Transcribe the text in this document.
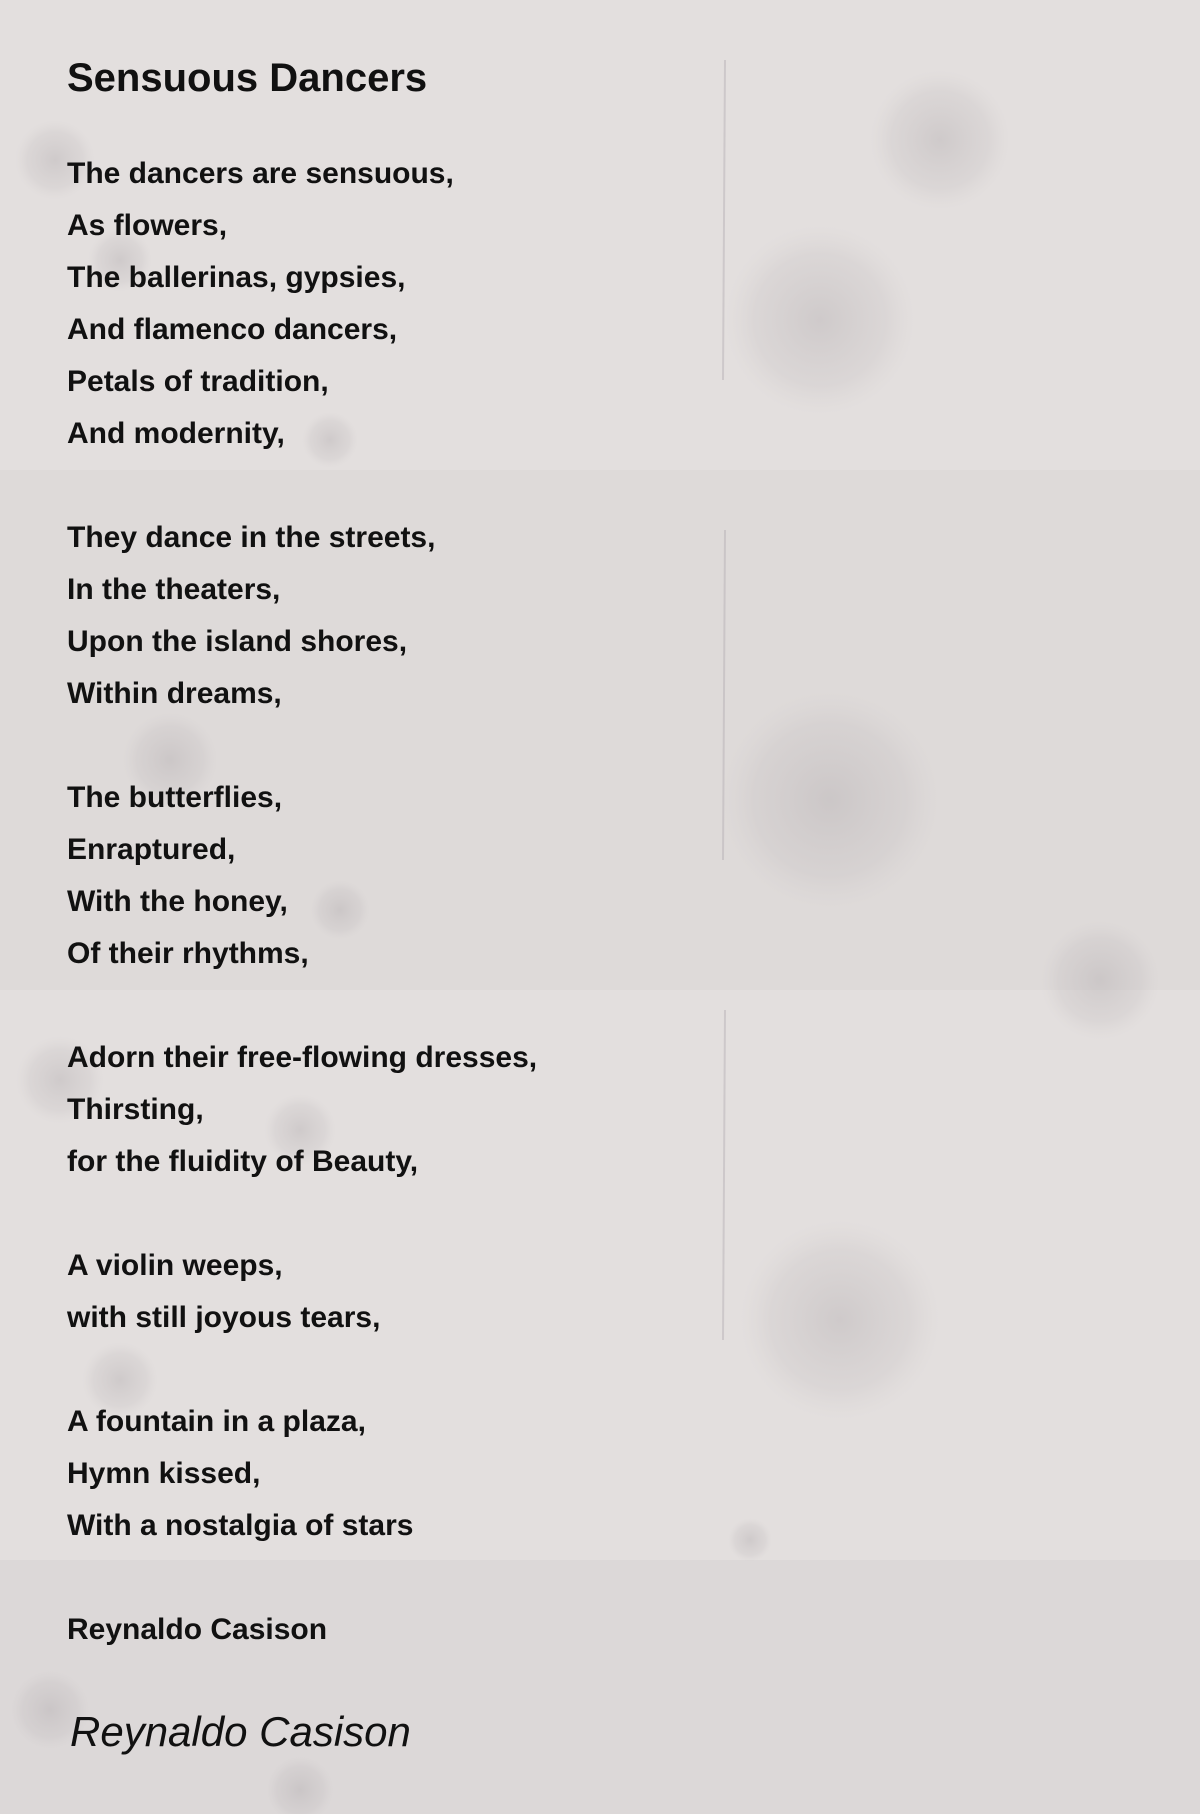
Sensuous Dancers
The dancers are sensuous,
As flowers,
The ballerinas, gypsies,
And flamenco dancers,
Petals of tradition,
And modernity,
They dance in the streets,
In the theaters,
Upon the island shores,
Within dreams,
The butterflies,
Enraptured,
With the honey,
Of their rhythms,
Adorn their free-flowing dresses,
Thirsting,
for the fluidity of Beauty,
A violin weeps,
with still joyous tears,
A fountain in a plaza,
Hymn kissed,
With a nostalgia of stars
Reynaldo Casison
Reynaldo Casison
